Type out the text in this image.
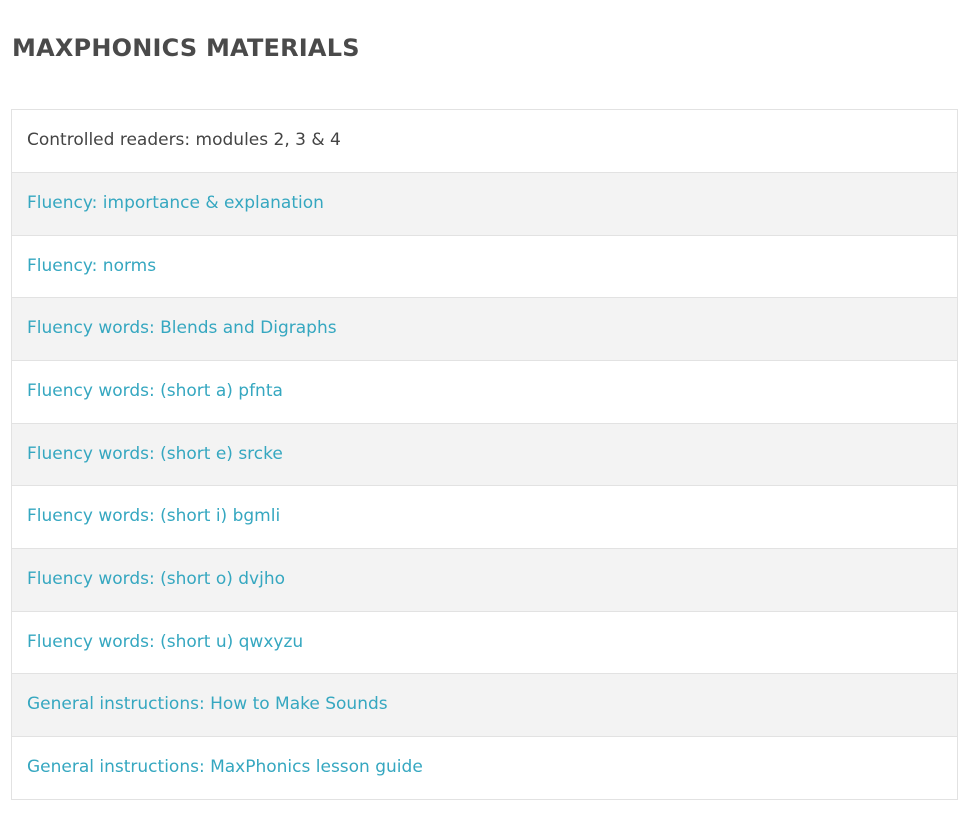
MAXPHONICS MATERIALS
Controlled readers: modules 2, 3 & 4
Fluency: importance & explanation
Fluency: norms
Fluency words: Blends and Digraphs
Fluency words: (short a) pfnta
Fluency words: (short e) srcke
Fluency words: (short i) bgmli
Fluency words: (short o) dvjho
Fluency words: (short u) qwxyzu
General instructions: How to Make Sounds
General instructions: MaxPhonics lesson guide
